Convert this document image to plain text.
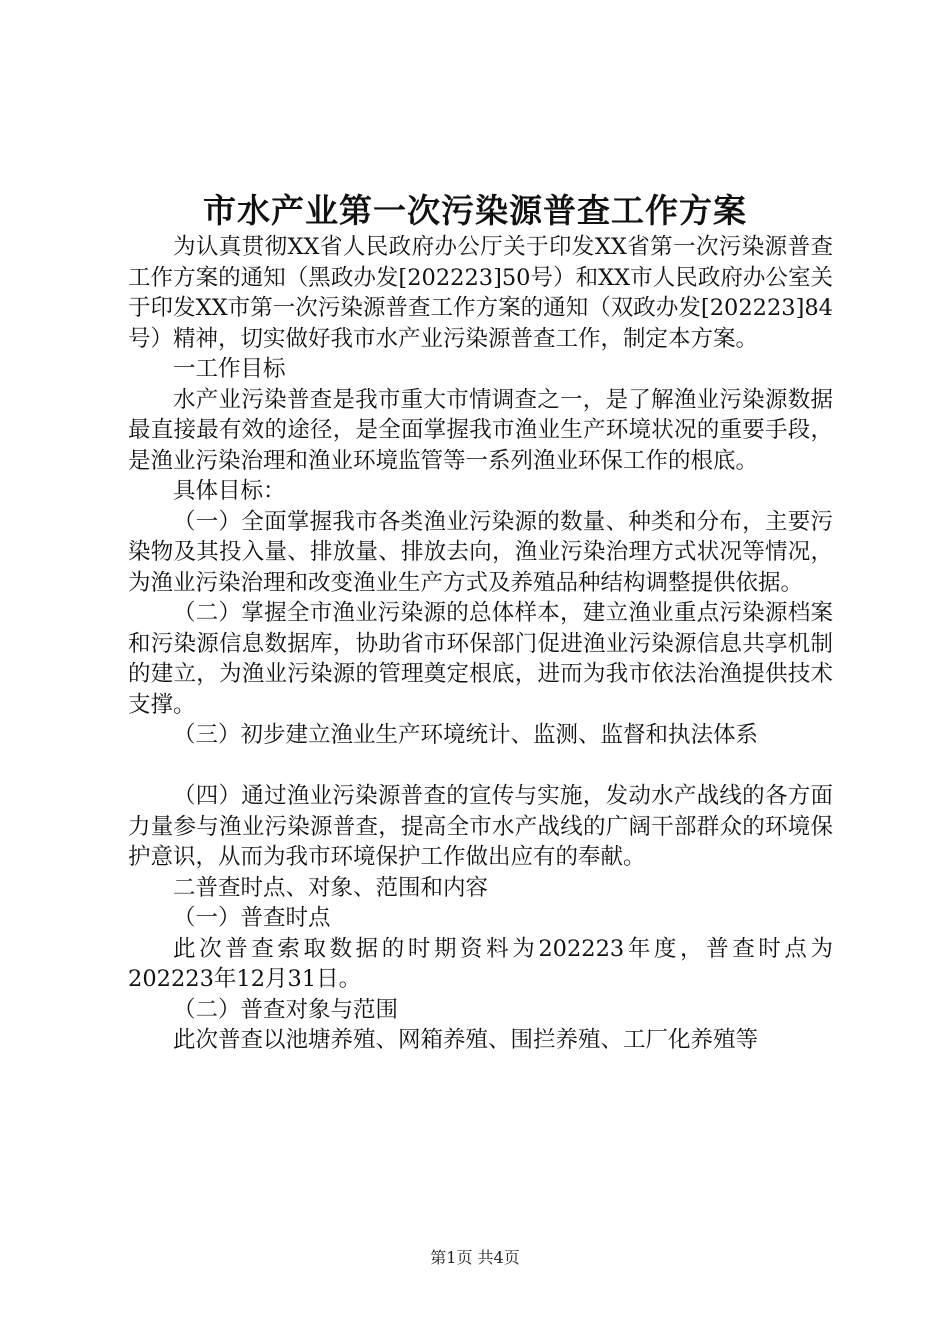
市水产业第一次污染源普查工作方案

为认真贯彻XX省人民政府办公厅关于印发XX省第一次污染源普查工作方案的通知（黑政办发[202223]50号）和XX市人民政府办公室关于印发XX市第一次污染源普查工作方案的通知（双政办发[202223]84号）精神，切实做好我市水产业污染源普查工作，制定本方案。

一工作目标

水产业污染普查是我市重大市情调查之一，是了解渔业污染源数据最直接最有效的途径，是全面掌握我市渔业生产环境状况的重要手段，是渔业污染治理和渔业环境监管等一系列渔业环保工作的根底。

具体目标：

（一）全面掌握我市各类渔业污染源的数量、种类和分布，主要污染物及其投入量、排放量、排放去向，渔业污染治理方式状况等情况，为渔业污染治理和改变渔业生产方式及养殖品种结构调整提供依据。

（二）掌握全市渔业污染源的总体样本，建立渔业重点污染源档案和污染源信息数据库，协助省市环保部门促进渔业污染源信息共享机制的建立，为渔业污染源的管理奠定根底，进而为我市依法治渔提供技术支撑。

（三）初步建立渔业生产环境统计、监测、监督和执法体系

（四）通过渔业污染源普查的宣传与实施，发动水产战线的各方面力量参与渔业污染源普查，提高全市水产战线的广阔干部群众的环境保护意识，从而为我市环境保护工作做出应有的奉献。

二普查时点、对象、范围和内容

（一）普查时点

此次普查索取数据的时期资料为202223年度，普查时点为202223年12月31日。

（二）普查对象与范围

此次普查以池塘养殖、网箱养殖、围拦养殖、工厂化养殖等

第1页 共4页
